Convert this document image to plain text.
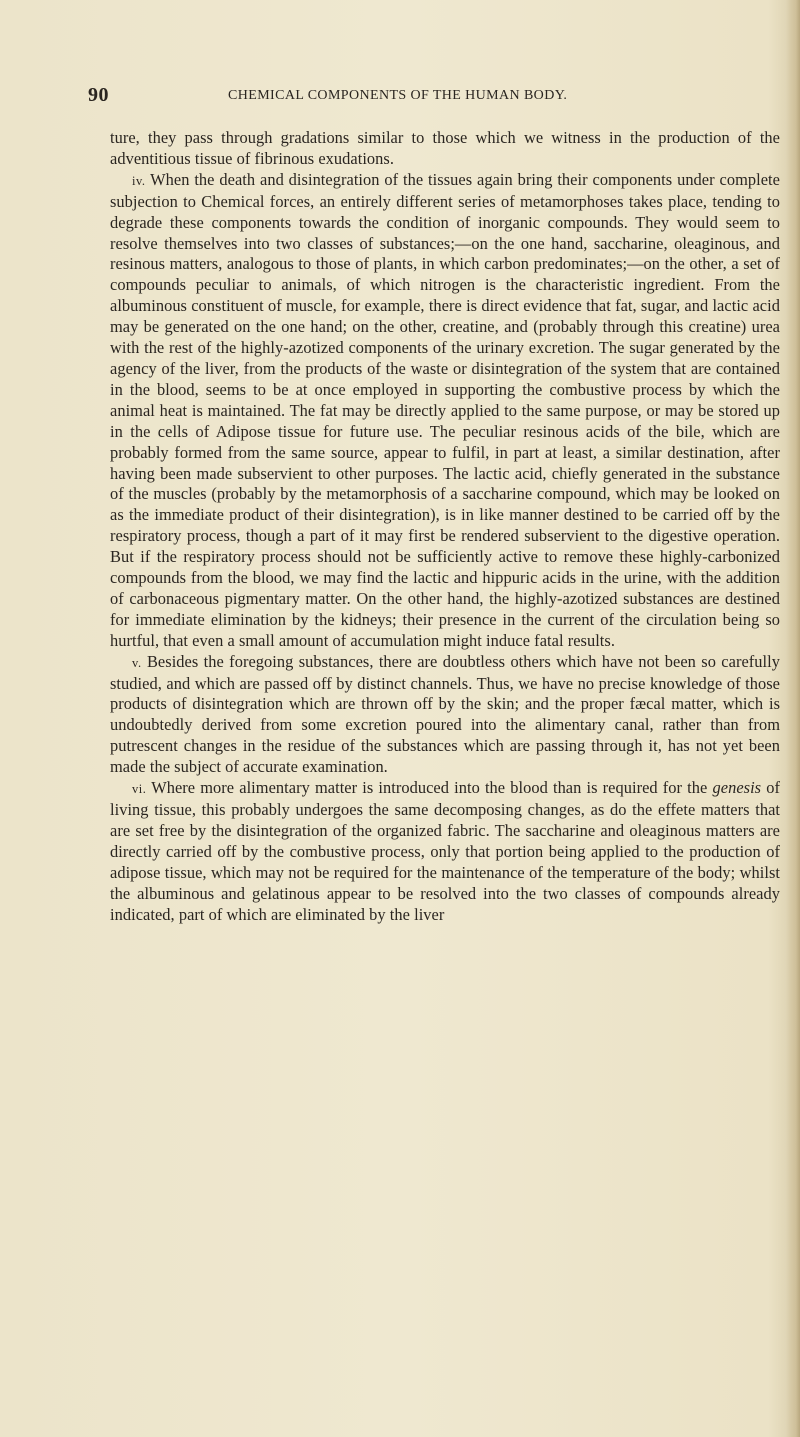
90	CHEMICAL COMPONENTS OF THE HUMAN BODY.

ture, they pass through gradations similar to those which we witness in the production of the adventitious tissue of fibrinous exudations.

iv. When the death and disintegration of the tissues again bring their components under complete subjection to Chemical forces, an entirely different series of metamorphoses takes place, tending to degrade these components towards the condition of inorganic compounds. They would seem to resolve themselves into two classes of substances;—on the one hand, saccharine, oleaginous, and resinous matters, analogous to those of plants, in which carbon predominates;—on the other, a set of compounds peculiar to animals, of which nitrogen is the characteristic ingredient. From the albuminous constituent of muscle, for example, there is direct evidence that fat, sugar, and lactic acid may be generated on the one hand; on the other, creatine, and (probably through this creatine) urea with the rest of the highly-azotized components of the urinary excretion. The sugar generated by the agency of the liver, from the products of the waste or disintegration of the system that are contained in the blood, seems to be at once employed in supporting the combustive process by which the animal heat is maintained. The fat may be directly applied to the same purpose, or may be stored up in the cells of Adipose tissue for future use. The peculiar resinous acids of the bile, which are probably formed from the same source, appear to fulfil, in part at least, a similar destination, after having been made subservient to other purposes. The lactic acid, chiefly generated in the substance of the muscles (probably by the metamorphosis of a saccharine compound, which may be looked on as the immediate product of their disintegration), is in like manner destined to be carried off by the respiratory process, though a part of it may first be rendered subservient to the digestive operation. But if the respiratory process should not be sufficiently active to remove these highly-carbonized compounds from the blood, we may find the lactic and hippuric acids in the urine, with the addition of carbonaceous pigmentary matter. On the other hand, the highly-azotized substances are destined for immediate elimination by the kidneys; their presence in the current of the circulation being so hurtful, that even a small amount of accumulation might induce fatal results.

v. Besides the foregoing substances, there are doubtless others which have not been so carefully studied, and which are passed off by distinct channels. Thus, we have no precise knowledge of those products of disintegration which are thrown off by the skin; and the proper fæcal matter, which is undoubtedly derived from some excretion poured into the alimentary canal, rather than from putrescent changes in the residue of the substances which are passing through it, has not yet been made the subject of accurate examination.

vi. Where more alimentary matter is introduced into the blood than is required for the genesis of living tissue, this probably undergoes the same decomposing changes, as do the effete matters that are set free by the disintegration of the organized fabric. The saccharine and oleaginous matters are directly carried off by the combustive process, only that portion being applied to the production of adipose tissue, which may not be required for the maintenance of the temperature of the body; whilst the albuminous and gelatinous appear to be resolved into the two classes of compounds already indicated, part of which are eliminated by the liver
